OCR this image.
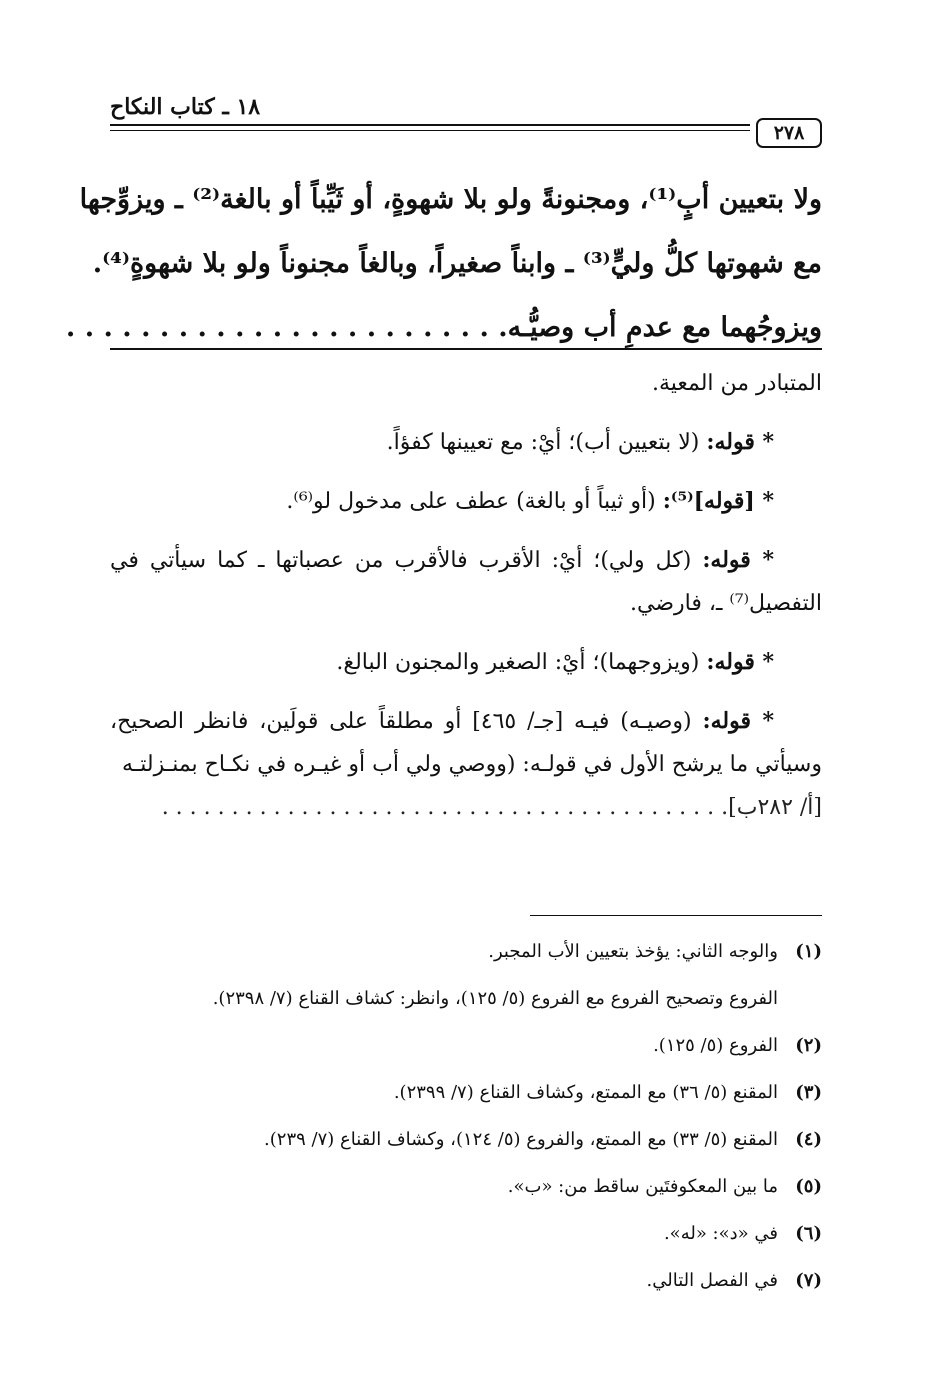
١٨ ـ كتاب النكاح
٢٧٨
ولا بتعيين أبٍ⁽¹⁾، ومجنونةً ولو بلا شهوةٍ، أو ثَيِّباً أو بالغة⁽²⁾ ـ ويزوِّجها
مع شهوتها كلُّ وليٍّ⁽³⁾ ـ وابناً صغيراً، وبالغاً مجنوناً ولو بلا شهوةٍ⁽⁴⁾.
ويزوجُهما مع عدمِ أب وصيُّـه. . . . . . . . . . . . . . . . . . . . . . . .

المتبادر من المعية.

* قوله: (لا بتعيين أب)؛ أيْ: مع تعيينها كفؤاً.

* [قوله]⁽⁵⁾: (أو ثيباً أو بالغة) عطف على مدخول لو⁽⁶⁾.

* قوله: (كل ولي)؛ أيْ: الأقرب فالأقرب من عصباتها ـ كما سيأتي في التفصيل⁽⁷⁾ ـ، فارضي.

* قوله: (ويزوجهما)؛ أيْ: الصغير والمجنون البالغ.

* قوله: (وصيـه) فيـه [جـ/ ٤٦٥] أو مطلقاً على قولَين، فانظر الصحيح، وسيأتي ما يرشح الأول في قولـه: (ووصي ولي أب أو غيـره في نكـاح بمنـزلتـه

[أ/ ٢٨٢ب]. . . . . . . . . . . . . . . . . . . . . . . . . . . . . . . . . . . . . . . . .

(١)والوجه الثاني: يؤخذ بتعيين الأب المجبر.
الفروع وتصحيح الفروع مع الفروع (٥/ ١٢٥)، وانظر: كشاف القناع (٧/ ٢٣٩٨).
(٢)الفروع (٥/ ١٢٥).
(٣)المقنع (٥/ ٣٦) مع الممتع، وكشاف القناع (٧/ ٢٣٩٩).
(٤)المقنع (٥/ ٣٣) مع الممتع، والفروع (٥/ ١٢٤)، وكشاف القناع (٧/ ٢٣٩).
(٥)ما بين المعكوفتَين ساقط من: «ب».
(٦)في «د»: «له».
(٧)في الفصل التالي.
